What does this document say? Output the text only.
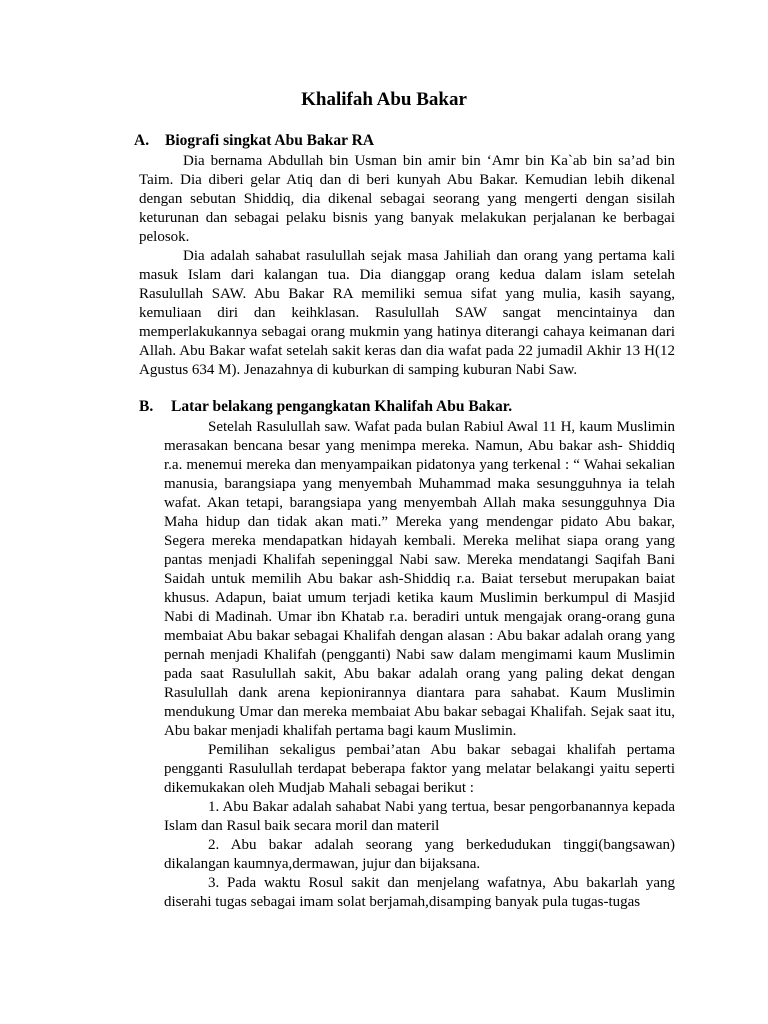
Khalifah Abu Bakar
A. Biografi singkat Abu Bakar RA

Dia bernama Abdullah bin Usman bin amir bin ‘Amr bin Ka`ab bin sa’ad bin Taim. Dia diberi gelar Atiq dan di beri kunyah Abu Bakar. Kemudian lebih dikenal dengan sebutan Shiddiq, dia dikenal sebagai seorang yang mengerti dengan sisilah keturunan dan sebagai pelaku bisnis yang banyak melakukan perjalanan ke berbagai pelosok.

Dia adalah sahabat rasulullah sejak masa Jahiliah dan orang yang pertama kali masuk Islam dari kalangan tua. Dia dianggap orang kedua dalam islam setelah Rasulullah SAW. Abu Bakar RA memiliki semua sifat yang mulia, kasih sayang, kemuliaan diri dan keihklasan. Rasulullah SAW sangat mencintainya dan memperlakukannya sebagai orang mukmin yang hatinya diterangi cahaya keimanan dari Allah. Abu Bakar wafat setelah sakit keras dan dia wafat pada 22 jumadil Akhir 13 H(12 Agustus 634 M). Jenazahnya di kuburkan di samping kuburan Nabi Saw.

B. Latar belakang pengangkatan Khalifah Abu Bakar.

Setelah Rasulullah saw. Wafat pada bulan Rabiul Awal 11 H, kaum Muslimin merasakan bencana besar yang menimpa mereka. Namun, Abu bakar ash- Shiddiq r.a. menemui mereka dan menyampaikan pidatonya yang terkenal : “ Wahai sekalian manusia, barangsiapa yang menyembah Muhammad maka sesungguhnya ia telah wafat. Akan tetapi, barangsiapa yang menyembah Allah maka sesungguhnya Dia Maha hidup dan tidak akan mati.” Mereka yang mendengar pidato Abu bakar, Segera mereka mendapatkan hidayah kembali. Mereka melihat siapa orang yang pantas menjadi Khalifah sepeninggal Nabi saw. Mereka mendatangi Saqifah Bani Saidah untuk memilih Abu bakar ash-Shiddiq r.a. Baiat tersebut merupakan baiat khusus. Adapun, baiat umum terjadi ketika kaum Muslimin berkumpul di Masjid Nabi di Madinah. Umar ibn Khatab r.a. beradiri untuk mengajak orang-orang guna membaiat Abu bakar sebagai Khalifah dengan alasan : Abu bakar adalah orang yang pernah menjadi Khalifah (pengganti) Nabi saw dalam mengimami kaum Muslimin pada saat Rasulullah sakit, Abu bakar adalah orang yang paling dekat dengan Rasulullah dank arena kepionirannya diantara para sahabat. Kaum Muslimin mendukung Umar dan mereka membaiat Abu bakar sebagai Khalifah. Sejak saat itu, Abu bakar menjadi khalifah pertama bagi kaum Muslimin.

Pemilihan sekaligus pembai’atan Abu bakar sebagai khalifah pertama pengganti Rasulullah terdapat beberapa faktor yang melatar belakangi yaitu seperti dikemukakan oleh Mudjab Mahali sebagai berikut :

1. Abu Bakar adalah sahabat Nabi yang tertua, besar pengorbanannya kepada Islam dan Rasul baik secara moril dan materil

2. Abu bakar adalah seorang yang berkedudukan tinggi(bangsawan) dikalangan kaumnya,dermawan, jujur dan bijaksana.

3. Pada waktu Rosul sakit dan menjelang wafatnya, Abu bakarlah yang diserahi tugas sebagai imam solat berjamah,disamping banyak pula tugas-tugas
